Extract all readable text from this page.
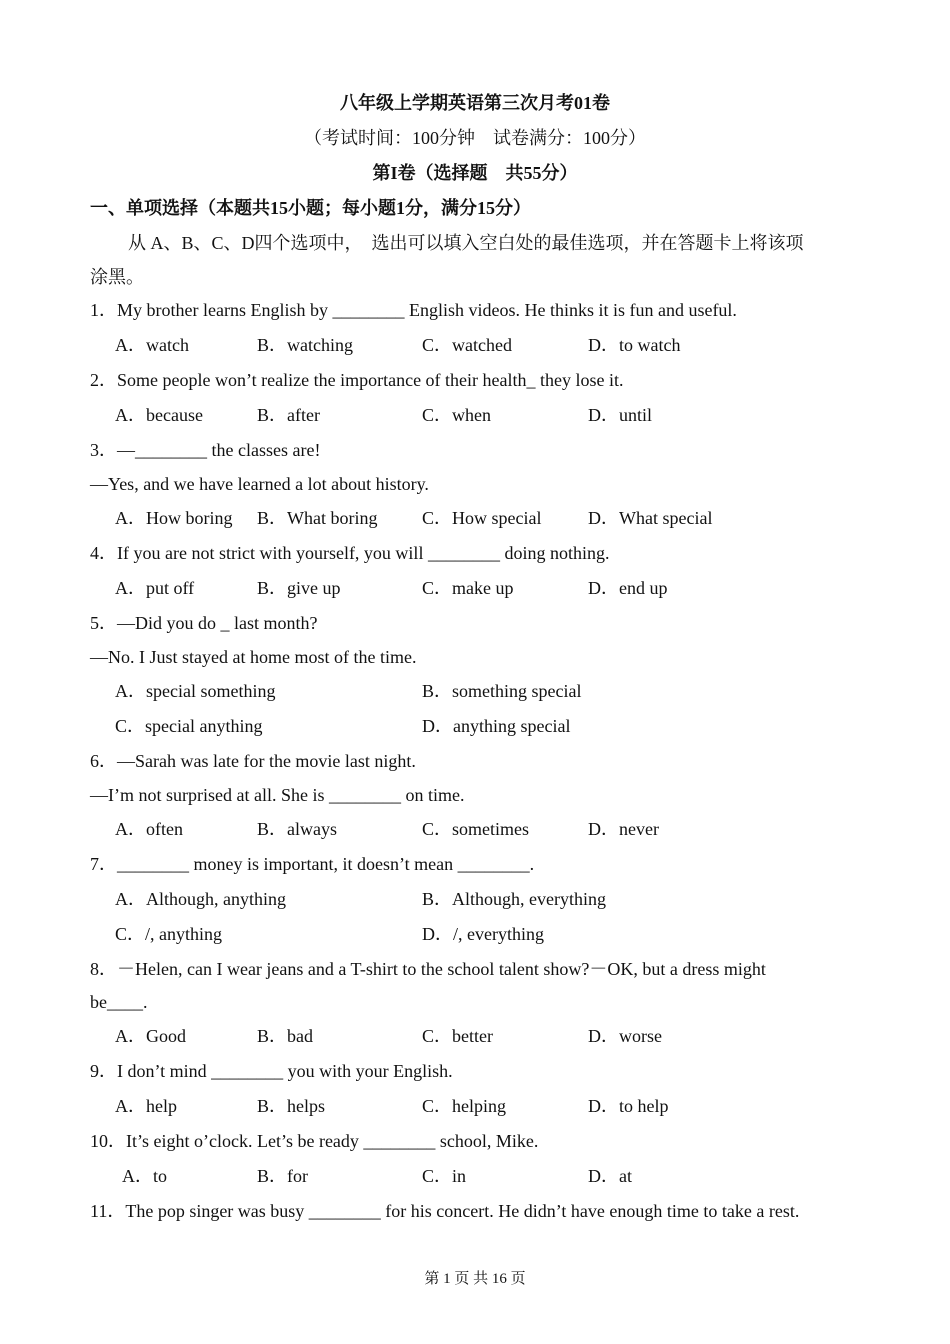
八年级上学期英语第三次月考01卷
（考试时间：100分钟　试卷满分：100分）
第I卷（选择题　共55分）
一、单项选择（本题共15小题；每小题1分，满分15分）
从 A、B、C、D四个选项中，  选出可以填入空白处的最佳选项，并在答题卡上将该项
涂黑。
1．My brother learns English by ________ English videos. He thinks it is fun and useful.
A．watch	B．watching	C．watched	D．to watch
2．Some people won’t realize the importance of their health_ they lose it.
A．because	B．after	C．when	D．until
3．—________ the classes are!
—Yes, and we have learned a lot about history.
A．How boring B．What boring C．How special	D．What special
4．If you are not strict with yourself, you will ________ doing nothing.
A．put off	B．give up	C．make up	D．end up
5．—Did you do _ last month?
—No. I Just stayed at home most of the time.
A．special something	B．something special
C．special anything	D．anything special
6．—Sarah was late for the movie last night.
—I’m not surprised at all. She is ________ on time.
A．often	B．always	C．sometimes	D．never
7．________ money is important, it doesn’t mean ________.
A．Although, anything	B．Although, everything
C．/, anything	D．/, everything
8．－Helen, can I wear jeans and a T-shirt to the school talent show?－OK, but a dress might
be____.
A．Good	B．bad	C．better	D．worse
9．I don’t mind ________ you with your English.
A．help	B．helps	C．helping	D．to help
10．It’s eight o’clock. Let’s be ready ________ school, Mike.
A．to	B．for	C．in	D．at
11．The pop singer was busy ________ for his concert. He didn’t have enough time to take a rest.
第 1 页 共 16 页
